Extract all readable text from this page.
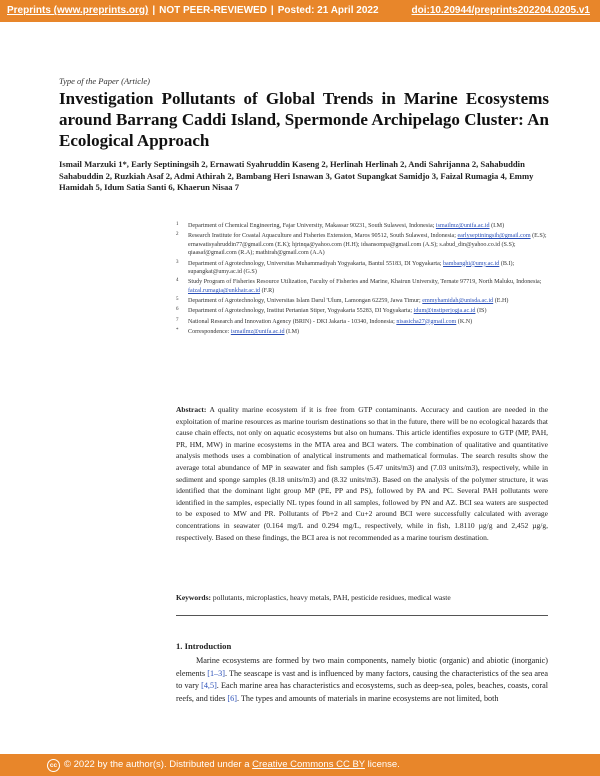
Preprints (www.preprints.org) | NOT PEER-REVIEWED | Posted: 21 April 2022	doi:10.20944/preprints202204.0205.v1
Type of the Paper (Article)
Investigation Pollutants of Global Trends in Marine Ecosystems around Barrang Caddi Island, Spermonde Archipelago Cluster: An Ecological Approach
Ismail Marzuki 1*, Early Septiningsih 2, Ernawati Syahruddin Kaseng 2, Herlinah Herlinah 2, Andi Sahrijanna 2, Sahabuddin Sahabuddin 2, Ruzkiah Asaf 2, Admi Athirah 2, Bambang Heri Isnawan 3, Gatot Supangkat Samidjo 3, Faizal Rumagia 4, Emmy Hamidah 5, Idum Satia Santi 6, Khaerun Nisaa 7
1 Department of Chemical Engineering, Fajar University, Makassar 90231, South Sulawesi, Indonesia; ismailmz@unifa.ac.id (I.M)
2 Research Institute for Coastal Aquaculture and Fisheries Extension, Maros 90512, South Sulawesi, Indonesia; earlyseptiningsih@gmail.com (E.S); ernawatisyahruddin77@gmail.com (E.K); hjrinqa@yahoo.com (H.H); idsansompa@gmail.com (A.S); s.abud_din@yahoo.co.id (S.S); qiaasaf@gmail.com (R.A); mathirah@gmail.com (A.A)
3 Department of Agrotechnology, Universitas Muhammadiyah Yogyakarta, Bantul 55183, DI Yogyakarta; bambanghi@umy.ac.id (B.I); supangkat@umy.ac.id (G.S)
4 Study Program of Fisheries Resource Utilization, Faculty of Fisheries and Marine, Khairun University, Ternate 97719, North Maluku, Indonesia; faizal.rumagia@unkhair.ac.id (F.R)
5 Department of Agrotechnology, Universitas Islam Darul 'Ulum, Lamongan 62259, Jawa Timur; emmyhamidah@unisda.ac.id (E.H)
6 Department of Agrotechnology, Institut Pertanian Stiper, Yogyakarta 55283, DI Yogyakarta; idum@instiperjogja.ac.id (IS)
7 National Research and Innovation Agency (BRIN) - DKI Jakarta - 10340, Indonesia; nisasicha27@gmail.com (K.N)
* Correspondence: ismailmz@unifa.ac.id (I.M)

Abstract: A quality marine ecosystem if it is free from GTP contaminants. Accuracy and caution are needed in the exploitation of marine resources as marine tourism destinations so that in the future, there will be no ecological hazards that cause chain effects, not only on aquatic ecosystems but also on humans. This article identifies exposure to GTP (MP, PAH, PR, HM, MW) in marine ecosystems in the MTA area and BCI waters. The combination of qualitative and quantitative analysis methods uses a combination of analytical instruments and mathematical formulas. The search results show the average total abundance of MP in seawater and fish samples (5.47 units/m3) and (7.03 units/m3), respectively, while in sediment and sponge samples (8.18 units/m3) and (8.32 units/m3). Based on the analysis of the polymer structure, it was identified that the dominant light group MP (PE, PP and PS), followed by PA and PC. Several PAH pollutants were identified in the samples, especially NL types found in all samples, followed by PN and AZ. BCI sea waters are suspected to be exposed to MW and PR. Pollutants of Pb+2 and Cu+2 around BCI were successfully calculated with average concentrations in seawater (0.164 mg/L and 0.294 mg/L, respectively, while in fish, 1.8110 µg/g and 2,452 µg/g, respectively. Based on these findings, the BCI area is not recommended as a marine tourism destination.

Keywords: pollutants, microplastics, heavy metals, PAH, pesticide residues, medical waste

1. Introduction

Marine ecosystems are formed by two main components, namely biotic (organic) and abiotic (inorganic) elements [1–3]. The seascape is vast and is influenced by many factors, causing the characteristics of the sea area to vary [4,5]. Each marine area has characteristics and ecosystems, such as deep-sea, poles, beaches, coasts, coral reefs, and tides [6]. The types and amounts of materials in marine ecosystems are not limited, both

cc © 2022 by the author(s). Distributed under a Creative Commons CC BY license.
